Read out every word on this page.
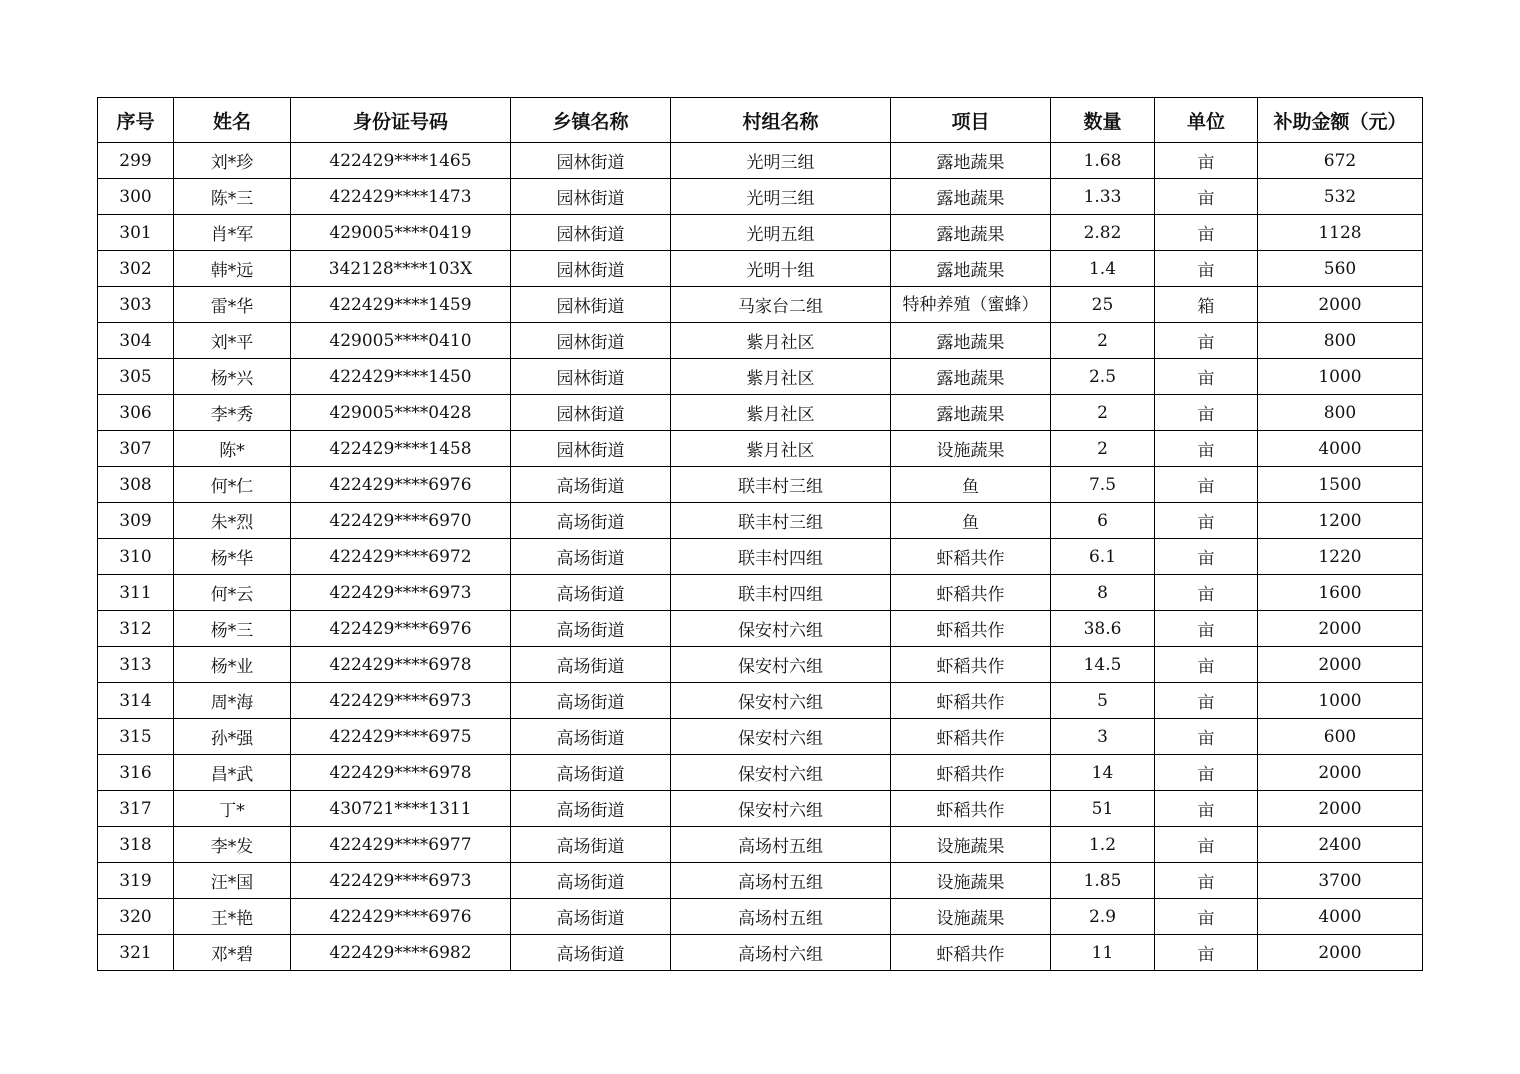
序号	姓名	身份证号码	乡镇名称	村组名称	项目	数量	单位	补助金额（元）
299	刘*珍	422429****1465	园林街道	光明三组	露地蔬果	1.68	亩	672
300	陈*三	422429****1473	园林街道	光明三组	露地蔬果	1.33	亩	532
301	肖*军	429005****0419	园林街道	光明五组	露地蔬果	2.82	亩	1128
302	韩*远	342128****103X	园林街道	光明十组	露地蔬果	1.4	亩	560
303	雷*华	422429****1459	园林街道	马家台二组	特种养殖（蜜蜂）	25	箱	2000
304	刘*平	429005****0410	园林街道	紫月社区	露地蔬果	2	亩	800
305	杨*兴	422429****1450	园林街道	紫月社区	露地蔬果	2.5	亩	1000
306	李*秀	429005****0428	园林街道	紫月社区	露地蔬果	2	亩	800
307	陈*	422429****1458	园林街道	紫月社区	设施蔬果	2	亩	4000
308	何*仁	422429****6976	高场街道	联丰村三组	鱼	7.5	亩	1500
309	朱*烈	422429****6970	高场街道	联丰村三组	鱼	6	亩	1200
310	杨*华	422429****6972	高场街道	联丰村四组	虾稻共作	6.1	亩	1220
311	何*云	422429****6973	高场街道	联丰村四组	虾稻共作	8	亩	1600
312	杨*三	422429****6976	高场街道	保安村六组	虾稻共作	38.6	亩	2000
313	杨*业	422429****6978	高场街道	保安村六组	虾稻共作	14.5	亩	2000
314	周*海	422429****6973	高场街道	保安村六组	虾稻共作	5	亩	1000
315	孙*强	422429****6975	高场街道	保安村六组	虾稻共作	3	亩	600
316	昌*武	422429****6978	高场街道	保安村六组	虾稻共作	14	亩	2000
317	丁*	430721****1311	高场街道	保安村六组	虾稻共作	51	亩	2000
318	李*发	422429****6977	高场街道	高场村五组	设施蔬果	1.2	亩	2400
319	汪*国	422429****6973	高场街道	高场村五组	设施蔬果	1.85	亩	3700
320	王*艳	422429****6976	高场街道	高场村五组	设施蔬果	2.9	亩	4000
321	邓*碧	422429****6982	高场街道	高场村六组	虾稻共作	11	亩	2000
